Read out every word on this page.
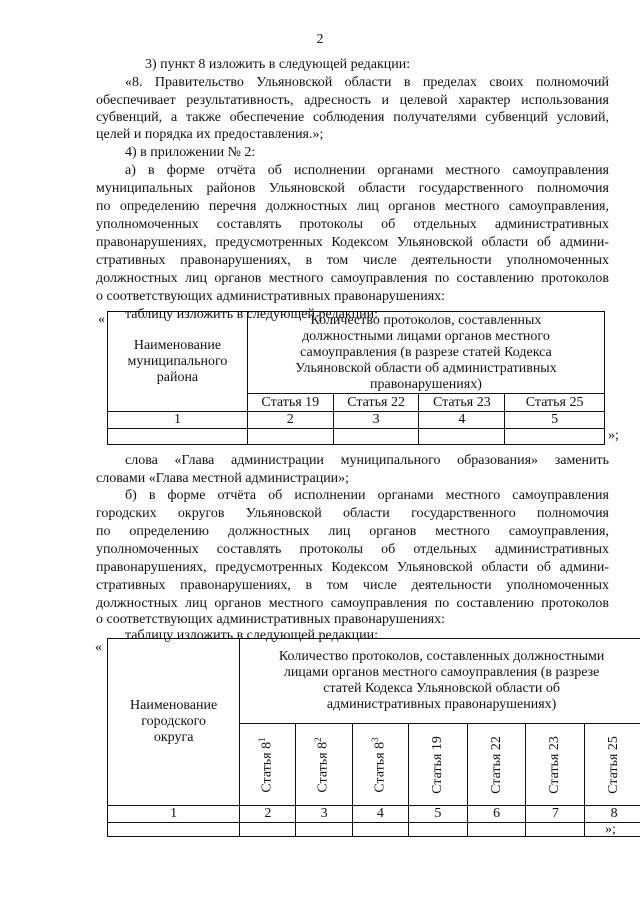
2
3) пункт 8 изложить в следующей редакции:
«8. Правительство Ульяновской области в пределах своих полномочий
обеспечивает результативность, адресность и целевой характер использования
субвенций, а также обеспечение соблюдения получателями субвенций условий,
целей и порядка их предоставления.»;
4) в приложении № 2:
а) в форме отчёта об исполнении органами местного самоуправления
муниципальных районов Ульяновской области государственного полномочия
по определению перечня должностных лиц органов местного самоуправления,
уполномоченных составлять протоколы об отдельных административных
правонарушениях, предусмотренных Кодексом Ульяновской области об админи-
стративных правонарушениях, в том числе деятельности уполномоченных
должностных лиц органов местного самоуправления по составлению протоколов
о соответствующих административных правонарушениях:
таблицу изложить в следующей редакции:
«
Наименование муниципального района	Количество протоколов, составленных должностными лицами органов местного самоуправления (в разрезе статей Кодекса Ульяновской области об административных правонарушениях)			
	Статья 19	Статья 22	Статья 23	Статья 25
1	2	3	4	5

»;
слова «Глава администрации муниципального образования» заменить
словами «Глава местной администрации»;
б) в форме отчёта об исполнении органами местного самоуправления
городских округов Ульяновской области государственного полномочия
по определению должностных лиц органов местного самоуправления,
уполномоченных составлять протоколы об отдельных административных
правонарушениях, предусмотренных Кодексом Ульяновской области об админи-
стративных правонарушениях, в том числе деятельности уполномоченных
должностных лиц органов местного самоуправления по составлению протоколов
о соответствующих административных правонарушениях:
таблицу изложить в следующей редакции:
«
Наименование городского округа	Количество протоколов, составленных должностными лицами органов местного самоуправления (в разрезе статей Кодекса Ульяновской области об административных правонарушениях)						
	Статья $8^1$	Статья $8^2$	Статья $8^3$	Статья 19	Статья 22	Статья 23	Статья 25
1	2	3	4	5	6	7	8

»;
